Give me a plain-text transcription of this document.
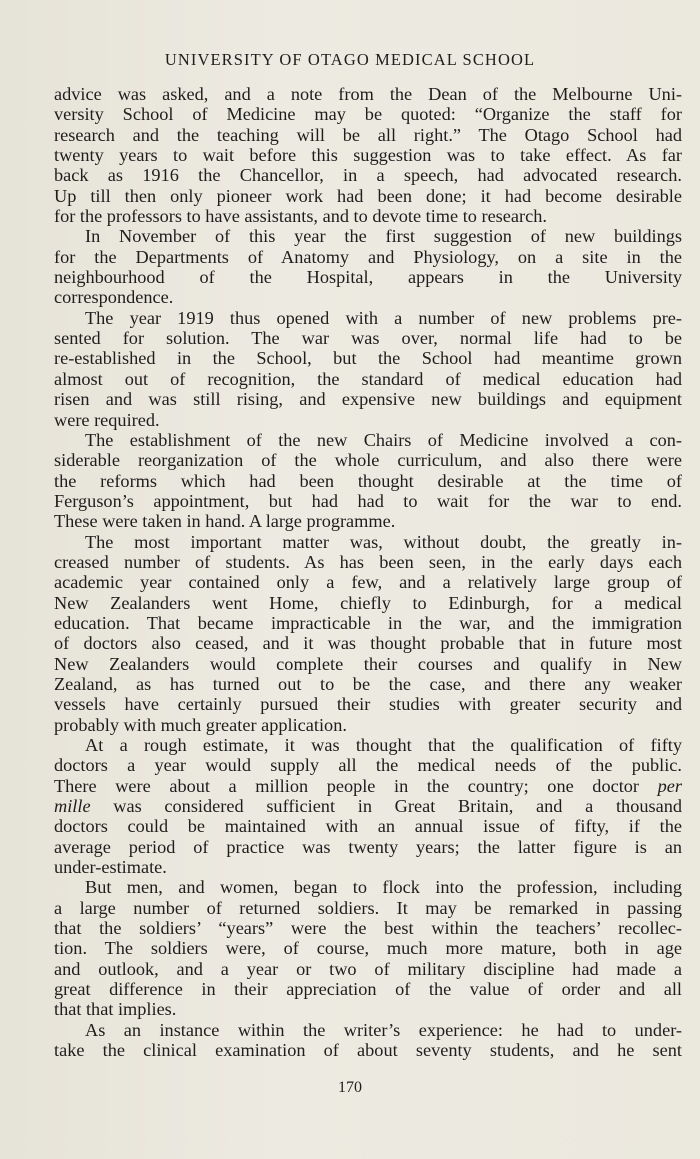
UNIVERSITY OF OTAGO MEDICAL SCHOOL
advice was asked, and a note from the Dean of the Melbourne Uni-
versity School of Medicine may be quoted: “Organize the staff for
research and the teaching will be all right.” The Otago School had
twenty years to wait before this suggestion was to take effect. As far
back as 1916 the Chancellor, in a speech, had advocated research.
Up till then only pioneer work had been done; it had become desirable
for the professors to have assistants, and to devote time to research.
In November of this year the first suggestion of new buildings
for the Departments of Anatomy and Physiology, on a site in the
neighbourhood of the Hospital, appears in the University
correspondence.
The year 1919 thus opened with a number of new problems pre-
sented for solution. The war was over, normal life had to be
re-established in the School, but the School had meantime grown
almost out of recognition, the standard of medical education had
risen and was still rising, and expensive new buildings and equipment
were required.
The establishment of the new Chairs of Medicine involved a con-
siderable reorganization of the whole curriculum, and also there were
the reforms which had been thought desirable at the time of
Ferguson’s appointment, but had had to wait for the war to end.
These were taken in hand. A large programme.
The most important matter was, without doubt, the greatly in-
creased number of students. As has been seen, in the early days each
academic year contained only a few, and a relatively large group of
New Zealanders went Home, chiefly to Edinburgh, for a medical
education. That became impracticable in the war, and the immigration
of doctors also ceased, and it was thought probable that in future most
New Zealanders would complete their courses and qualify in New
Zealand, as has turned out to be the case, and there any weaker
vessels have certainly pursued their studies with greater security and
probably with much greater application.
At a rough estimate, it was thought that the qualification of fifty
doctors a year would supply all the medical needs of the public.
There were about a million people in the country; one doctor per
mille was considered sufficient in Great Britain, and a thousand
doctors could be maintained with an annual issue of fifty, if the
average period of practice was twenty years; the latter figure is an
under-estimate.
But men, and women, began to flock into the profession, including
a large number of returned soldiers. It may be remarked in passing
that the soldiers’ “years” were the best within the teachers’ recollec-
tion. The soldiers were, of course, much more mature, both in age
and outlook, and a year or two of military discipline had made a
great difference in their appreciation of the value of order and all
that that implies.
As an instance within the writer’s experience: he had to under-
take the clinical examination of about seventy students, and he sent
170
